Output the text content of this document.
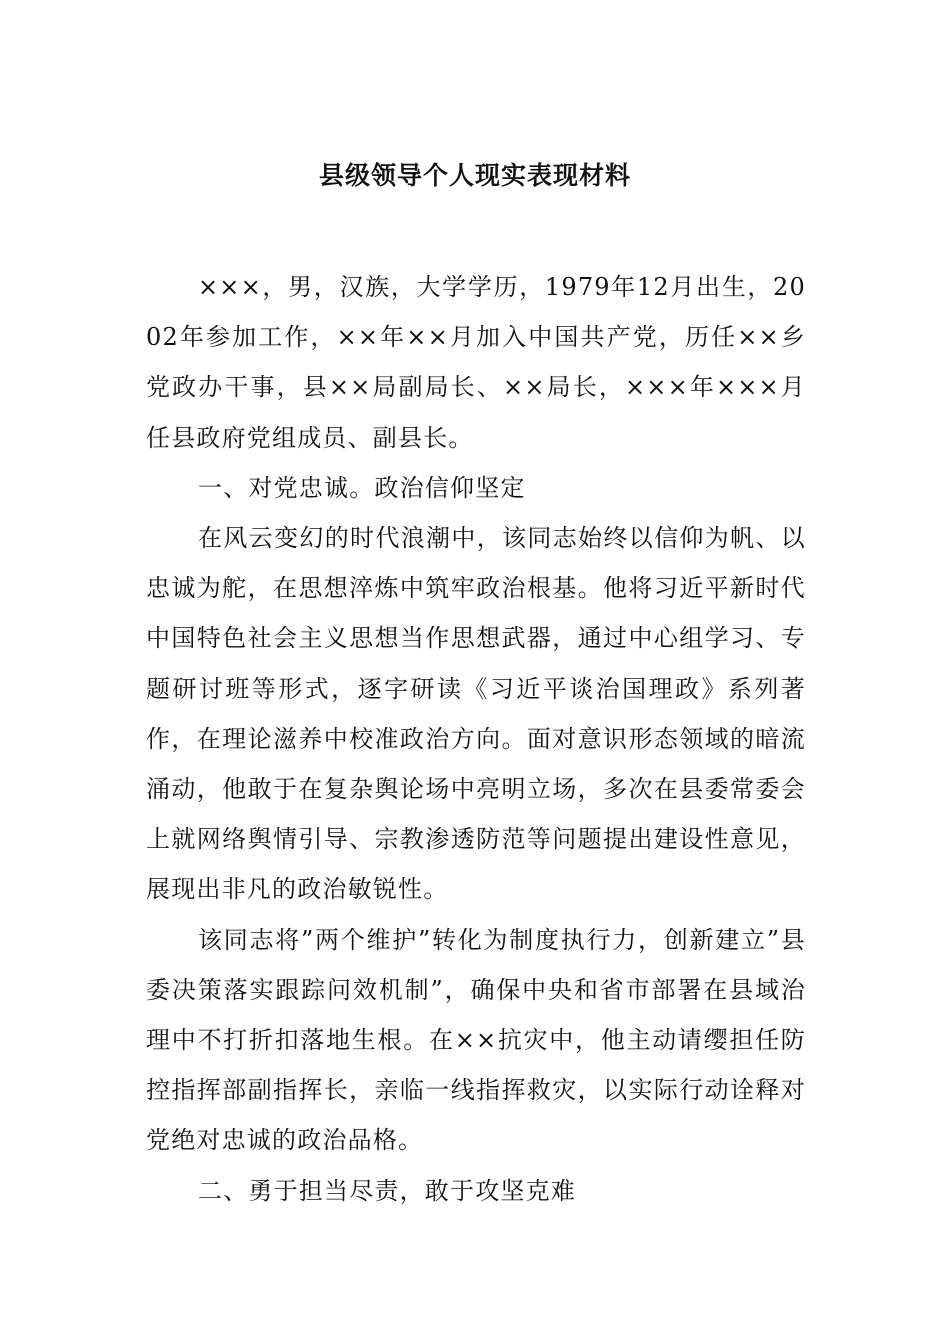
县级领导个人现实表现材料

×××，男，汉族，大学学历，1979年12月出生，2002年参加工作，××年××月加入中国共产党，历任××乡党政办干事，县××局副局长、××局长，×××年×××月任县政府党组成员、副县长。

一、对党忠诚。政治信仰坚定

在风云变幻的时代浪潮中，该同志始终以信仰为帆、以忠诚为舵，在思想淬炼中筑牢政治根基。他将习近平新时代中国特色社会主义思想当作思想武器，通过中心组学习、专题研讨班等形式，逐字研读《习近平谈治国理政》系列著作，在理论滋养中校准政治方向。面对意识形态领域的暗流涌动，他敢于在复杂舆论场中亮明立场，多次在县委常委会上就网络舆情引导、宗教渗透防范等问题提出建设性意见，展现出非凡的政治敏锐性。

该同志将”两个维护”转化为制度执行力，创新建立”县委决策落实跟踪问效机制”，确保中央和省市部署在县域治理中不打折扣落地生根。在××抗灾中，他主动请缨担任防控指挥部副指挥长，亲临一线指挥救灾，以实际行动诠释对党绝对忠诚的政治品格。

二、勇于担当尽责，敢于攻坚克难
